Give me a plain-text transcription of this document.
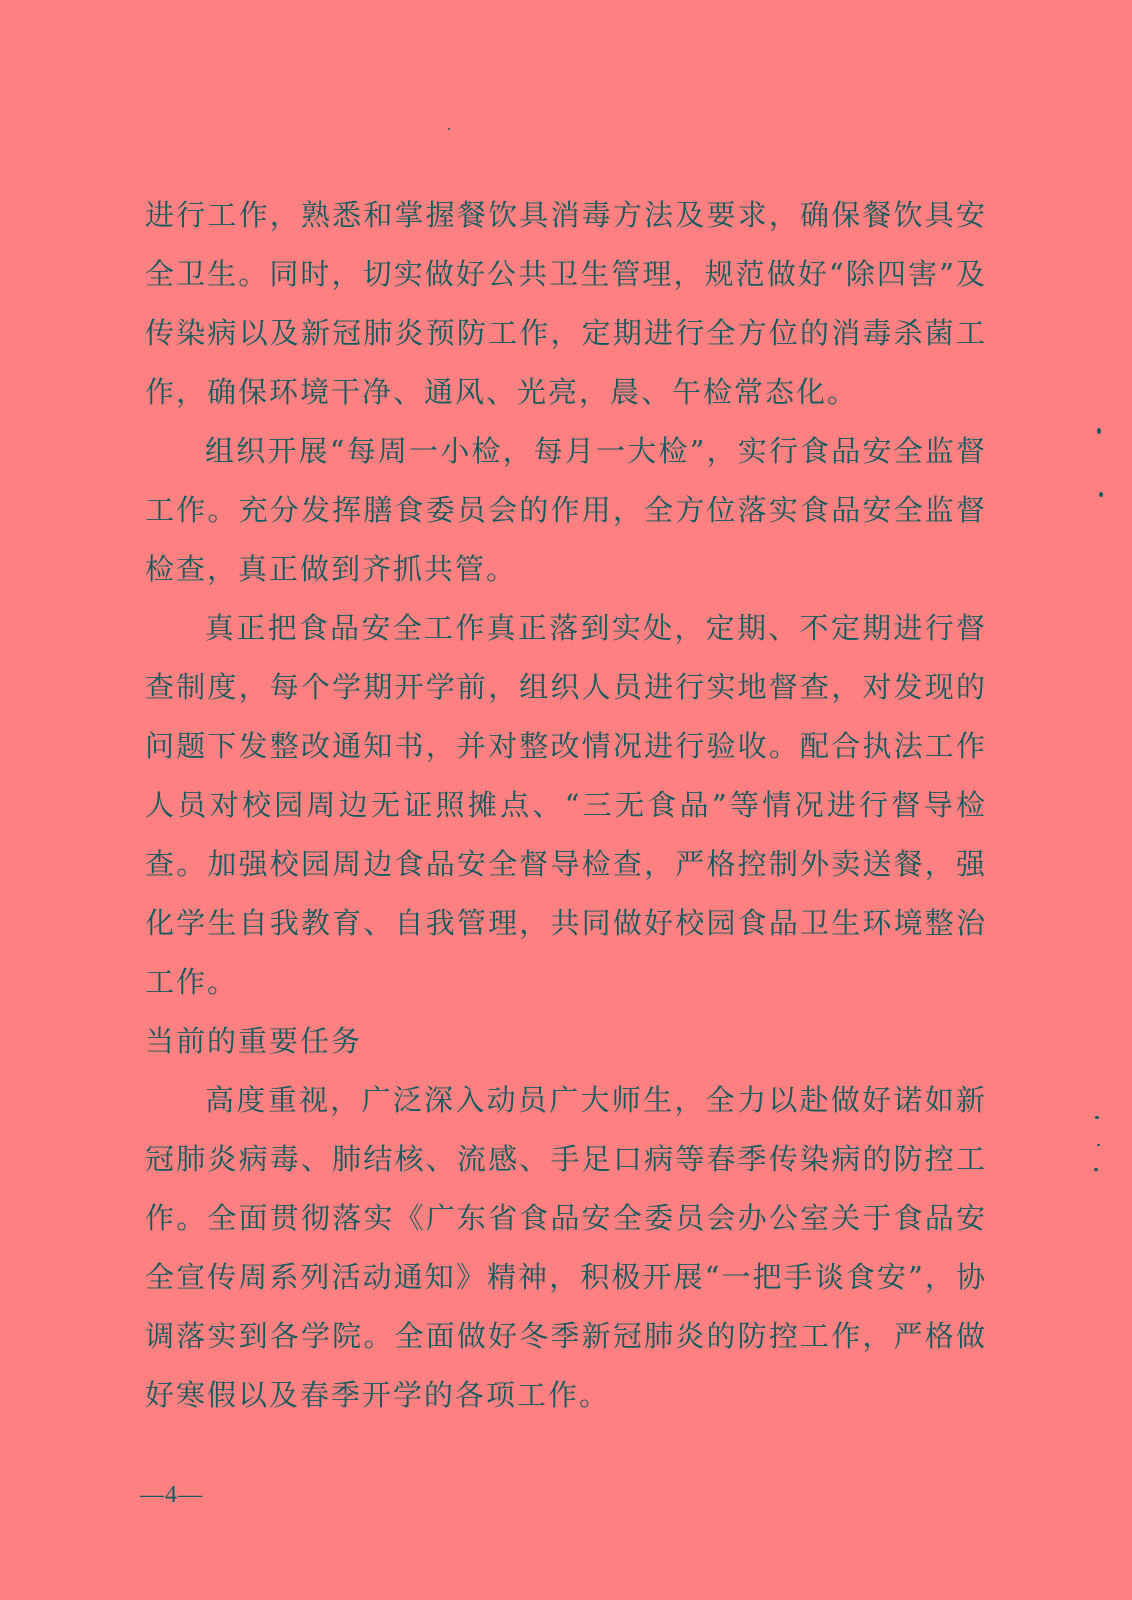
进行工作，熟悉和掌握餐饮具消毒方法及要求，确保餐饮具安全卫生。同时，切实做好公共卫生管理，规范做好“除四害”及传染病以及新冠肺炎预防工作，定期进行全方位的消毒杀菌工作，确保环境干净、通风、光亮，晨、午检常态化。

组织开展“每周一小检，每月一大检”，实行食品安全监督工作。充分发挥膳食委员会的作用，全方位落实食品安全监督检查，真正做到齐抓共管。

真正把食品安全工作真正落到实处，定期、不定期进行督查制度，每个学期开学前，组织人员进行实地督查，对发现的问题下发整改通知书，并对整改情况进行验收。配合执法工作人员对校园周边无证照摊点、“三无食品”等情况进行督导检查。加强校园周边食品安全督导检查，严格控制外卖送餐，强化学生自我教育、自我管理，共同做好校园食品卫生环境整治工作。

当前的重要任务

高度重视，广泛深入动员广大师生，全力以赴做好诺如新冠肺炎病毒、肺结核、流感、手足口病等春季传染病的防控工作。全面贯彻落实《广东省食品安全委员会办公室关于食品安全宣传周系列活动通知》精神，积极开展“一把手谈食安”，协调落实到各学院。全面做好冬季新冠肺炎的防控工作，严格做好寒假以及春季开学的各项工作。

—4—
